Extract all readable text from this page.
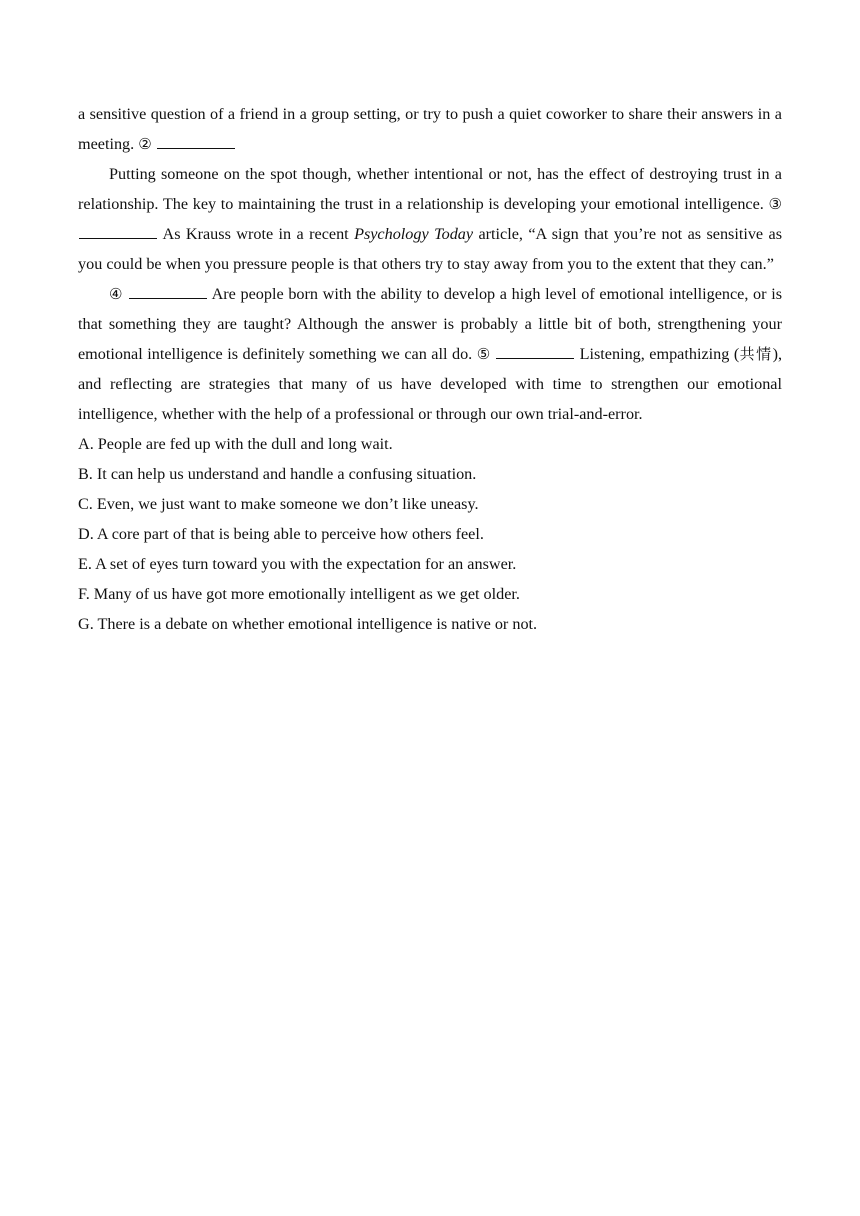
a sensitive question of a friend in a group setting, or try to push a quiet coworker to share their answers in a meeting. ②

Putting someone on the spot though, whether intentional or not, has the effect of destroying trust in a relationship. The key to maintaining the trust in a relationship is developing your emotional intelligence. ③  As Krauss wrote in a recent Psychology Today article, “A sign that you’re not as sensitive as you could be when you pressure people is that others try to stay away from you to the extent that they can.”

④	Are people born with the ability to develop a high level of emotional intelligence, or is that something they are taught? Although the answer is probably a little bit of both, strengthening your emotional intelligence is definitely something we can all do. ⑤	Listening, empathizing (共情), and reflecting are strategies that many of us have developed with time to strengthen our emotional intelligence, whether with the help of a professional or through our own trial-and-error.

A. People are fed up with the dull and long wait.
B. It can help us understand and handle a confusing situation.
C. Even, we just want to make someone we don’t like uneasy.
D. A core part of that is being able to perceive how others feel.
E. A set of eyes turn toward you with the expectation for an answer.
F. Many of us have got more emotionally intelligent as we get older.
G. There is a debate on whether emotional intelligence is native or not.
